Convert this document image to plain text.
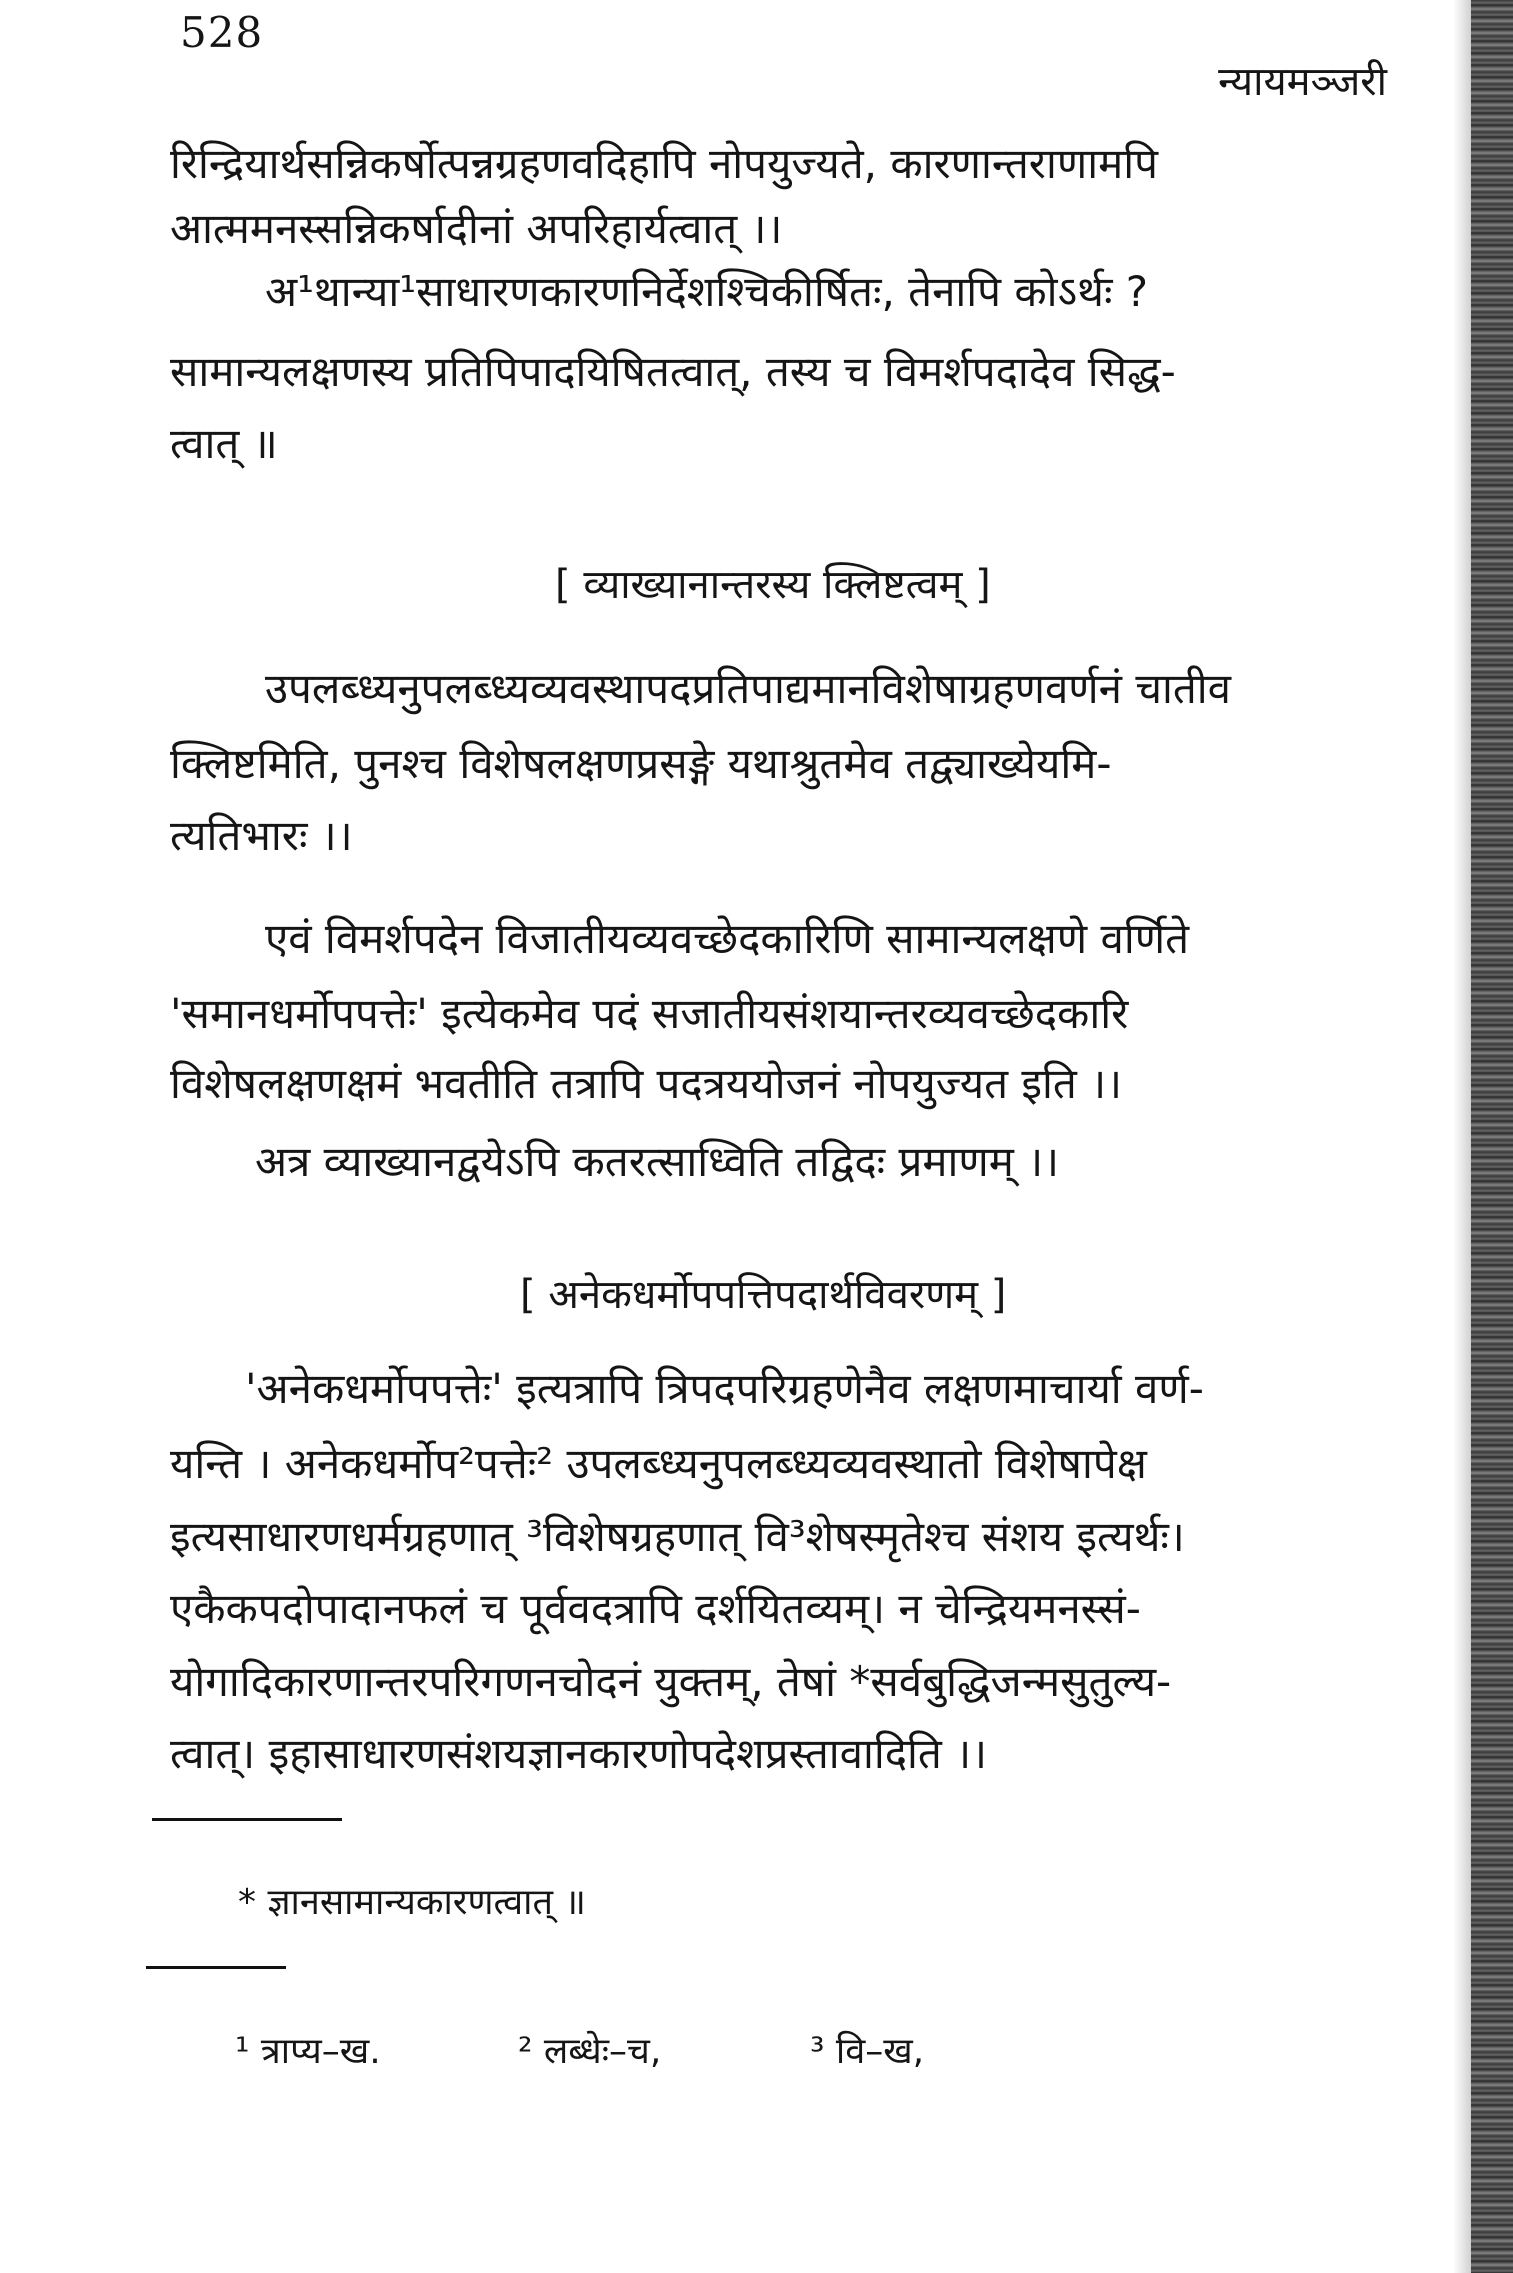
528
न्यायमञ्जरी
रिन्द्रियार्थसन्निकर्षोत्पन्नग्रहणवदिहापि नोपयुज्यते, कारणान्तराणामपि
आत्ममनस्सन्निकर्षादीनां अपरिहार्यत्वात् ।।
अ¹थान्या¹साधारणकारणनिर्देशश्चिकीर्षितः, तेनापि कोऽर्थः ?
सामान्यलक्षणस्य प्रतिपिपादयिषितत्वात्, तस्य च विमर्शपदादेव सिद्ध-
त्वात् ॥
[ व्याख्यानान्तरस्य क्लिष्टत्वम् ]
उपलब्ध्यनुपलब्ध्यव्यवस्थापदप्रतिपाद्यमानविशेषाग्रहणवर्णनं चातीव
क्लिष्टमिति, पुनश्च विशेषलक्षणप्रसङ्गे यथाश्रुतमेव तद्व्याख्येयमि-
त्यतिभारः ।।
एवं विमर्शपदेन विजातीयव्यवच्छेदकारिणि सामान्यलक्षणे वर्णिते
'समानधर्मोपपत्तेः' इत्येकमेव पदं सजातीयसंशयान्तरव्यवच्छेदकारि
विशेषलक्षणक्षमं भवतीति तत्रापि पदत्रययोजनं नोपयुज्यत इति ।।
अत्र व्याख्यानद्वयेऽपि कतरत्साध्विति तद्विदः प्रमाणम् ।।
[ अनेकधर्मोपपत्तिपदार्थविवरणम् ]
'अनेकधर्मोपपत्तेः' इत्यत्रापि त्रिपदपरिग्रहणेनैव लक्षणमाचार्या वर्ण-
यन्ति । अनेकधर्मोप²पत्तेः² उपलब्ध्यनुपलब्ध्यव्यवस्थातो विशेषापेक्ष
इत्यसाधारणधर्मग्रहणात् ³विशेषग्रहणात् वि³शेषस्मृतेश्च संशय इत्यर्थः।
एकैकपदोपादानफलं च पूर्ववदत्रापि दर्शयितव्यम्। न चेन्द्रियमनस्सं-
योगादिकारणान्तरपरिगणनचोदनं युक्तम्, तेषां *सर्वबुद्धिजन्मसुतुल्य-
त्वात्। इहासाधारणसंशयज्ञानकारणोपदेशप्रस्तावादिति ।।
* ज्ञानसामान्यकारणत्वात् ॥
¹ त्राप्य–ख.	² लब्धेः–च,	³ वि–ख,
